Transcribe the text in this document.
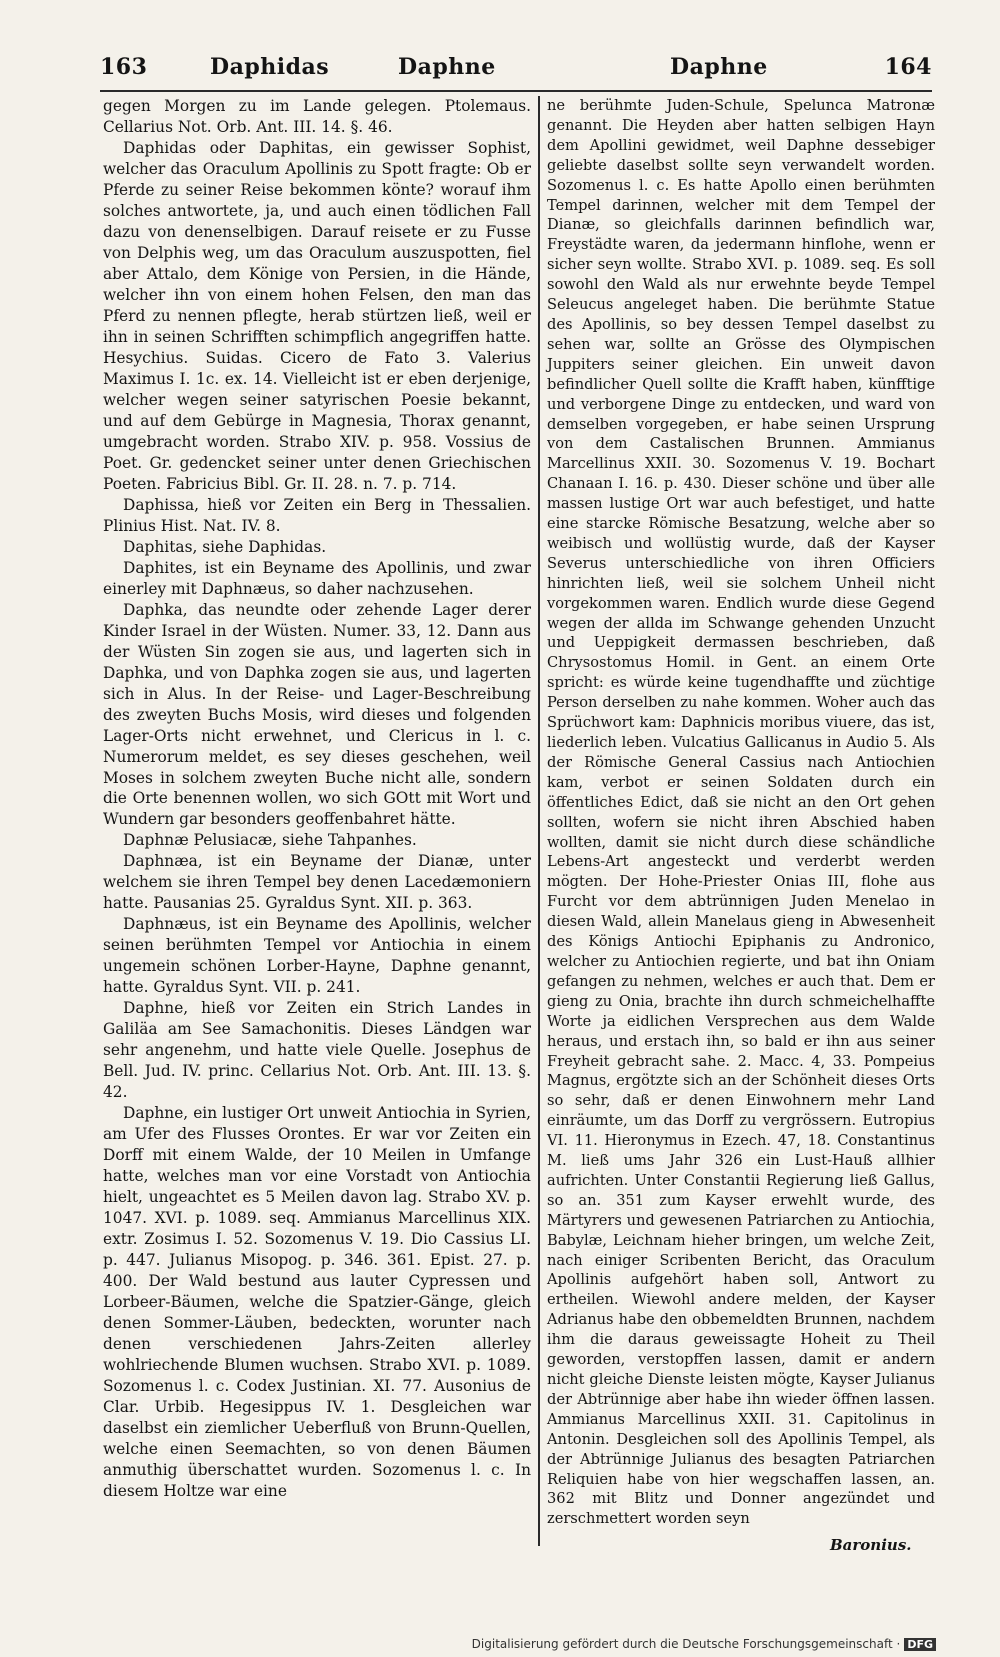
163	Daphidas	Daphne	Daphne	164

gegen Morgen zu im Lande gelegen. Ptolemaus. Cellarius Not. Orb. Ant. III. 14. §. 46.

Daphidas oder Daphitas, ein gewisser Sophist, welcher das Oraculum Apollinis zu Spott fragte: Ob er Pferde zu seiner Reise bekommen könte? worauf ihm solches antwortete, ja, und auch einen tödlichen Fall dazu von denenselbigen. Darauf reisete er zu Fusse von Delphis weg, um das Oraculum auszuspotten, fiel aber Attalo, dem Könige von Persien, in die Hände, welcher ihn von einem hohen Felsen, den man das Pferd zu nennen pflegte, herab stürtzen ließ, weil er ihn in seinen Schrifften schimpflich angegriffen hatte. Hesychius. Suidas. Cicero de Fato 3. Valerius Maximus I. 1c. ex. 14. Vielleicht ist er eben derjenige, welcher wegen seiner satyrischen Poesie bekannt, und auf dem Gebürge in Magnesia, Thorax genannt, umgebracht worden. Strabo XIV. p. 958. Vossius de Poet. Gr. gedencket seiner unter denen Griechischen Poeten. Fabricius Bibl. Gr. II. 28. n. 7. p. 714.

Daphissa, hieß vor Zeiten ein Berg in Thessalien. Plinius Hist. Nat. IV. 8.

Daphitas, siehe Daphidas.

Daphites, ist ein Beyname des Apollinis, und zwar einerley mit Daphnæus, so daher nachzusehen.

Daphka, das neundte oder zehende Lager derer Kinder Israel in der Wüsten. Numer. 33, 12. Dann aus der Wüsten Sin zogen sie aus, und lagerten sich in Daphka, und von Daphka zogen sie aus, und lagerten sich in Alus. In der Reise- und Lager-Beschreibung des zweyten Buchs Mosis, wird dieses und folgenden Lager-Orts nicht erwehnet, und Clericus in l. c. Numerorum meldet, es sey dieses geschehen, weil Moses in solchem zweyten Buche nicht alle, sondern die Orte benennen wollen, wo sich GOtt mit Wort und Wundern gar besonders geoffenbahret hätte.

Daphnæ Pelusiacæ, siehe Tahpanhes.

Daphnæa, ist ein Beyname der Dianæ, unter welchem sie ihren Tempel bey denen Lacedæmoniern hatte. Pausanias 25. Gyraldus Synt. XII. p. 363.

Daphnæus, ist ein Beyname des Apollinis, welcher seinen berühmten Tempel vor Antiochia in einem ungemein schönen Lorber-Hayne, Daphne genannt, hatte. Gyraldus Synt. VII. p. 241.

Daphne, hieß vor Zeiten ein Strich Landes in Galiläa am See Samachonitis. Dieses Ländgen war sehr angenehm, und hatte viele Quelle. Josephus de Bell. Jud. IV. princ. Cellarius Not. Orb. Ant. III. 13. §. 42.

Daphne, ein lustiger Ort unweit Antiochia in Syrien, am Ufer des Flusses Orontes. Er war vor Zeiten ein Dorff mit einem Walde, der 10 Meilen in Umfange hatte, welches man vor eine Vorstadt von Antiochia hielt, ungeachtet es 5 Meilen davon lag. Strabo XV. p. 1047. XVI. p. 1089. seq. Ammianus Marcellinus XIX. extr. Zosimus I. 52. Sozomenus V. 19. Dio Cassius LI. p. 447. Julianus Misopog. p. 346. 361. Epist. 27. p. 400. Der Wald bestund aus lauter Cypressen und Lorbeer-Bäumen, welche die Spatzier-Gänge, gleich denen Sommer-Läuben, bedeckten, worunter nach denen verschiedenen Jahrs-Zeiten allerley wohlriechende Blumen wuchsen. Strabo XVI. p. 1089. Sozomenus l. c. Codex Justinian. XI. 77. Ausonius de Clar. Urbib. Hegesippus IV. 1. Desgleichen war daselbst ein ziemlicher Ueberfluß von Brunn-Quellen, welche einen Seemachten, so von denen Bäumen anmuthig überschattet wurden. Sozomenus l. c. In diesem Holtze war eine

ne berühmte Juden-Schule, Spelunca Matronæ genannt. Die Heyden aber hatten selbigen Hayn dem Apollini gewidmet, weil Daphne dessebiger geliebte daselbst sollte seyn verwandelt worden. Sozomenus l. c. Es hatte Apollo einen berühmten Tempel darinnen, welcher mit dem Tempel der Dianæ, so gleichfalls darinnen befindlich war, Freystädte waren, da jedermann hinflohe, wenn er sicher seyn wollte. Strabo XVI. p. 1089. seq. Es soll sowohl den Wald als nur erwehnte beyde Tempel Seleucus angeleget haben. Die berühmte Statue des Apollinis, so bey dessen Tempel daselbst zu sehen war, sollte an Grösse des Olympischen Juppiters seiner gleichen. Ein unweit davon befindlicher Quell sollte die Krafft haben, künfftige und verborgene Dinge zu entdecken, und ward von demselben vorgegeben, er habe seinen Ursprung von dem Castalischen Brunnen. Ammianus Marcellinus XXII. 30. Sozomenus V. 19. Bochart Chanaan I. 16. p. 430. Dieser schöne und über alle massen lustige Ort war auch befestiget, und hatte eine starcke Römische Besatzung, welche aber so weibisch und wollüstig wurde, daß der Kayser Severus unterschiedliche von ihren Officiers hinrichten ließ, weil sie solchem Unheil nicht vorgekommen waren. Endlich wurde diese Gegend wegen der allda im Schwange gehenden Unzucht und Ueppigkeit dermassen beschrieben, daß Chrysostomus Homil. in Gent. an einem Orte spricht: es würde keine tugendhaffte und züchtige Person derselben zu nahe kommen. Woher auch das Sprüchwort kam: Daphnicis moribus viuere, das ist, liederlich leben. Vulcatius Gallicanus in Audio 5. Als der Römische General Cassius nach Antiochien kam, verbot er seinen Soldaten durch ein öffentliches Edict, daß sie nicht an den Ort gehen sollten, wofern sie nicht ihren Abschied haben wollten, damit sie nicht durch diese schändliche Lebens-Art angesteckt und verderbt werden mögten. Der Hohe-Priester Onias III, flohe aus Furcht vor dem abtrünnigen Juden Menelao in diesen Wald, allein Manelaus gieng in Abwesenheit des Königs Antiochi Epiphanis zu Andronico, welcher zu Antiochien regierte, und bat ihn Oniam gefangen zu nehmen, welches er auch that. Dem er gieng zu Onia, brachte ihn durch schmeichelhaffte Worte ja eidlichen Versprechen aus dem Walde heraus, und erstach ihn, so bald er ihn aus seiner Freyheit gebracht sahe. 2. Macc. 4, 33. Pompeius Magnus, ergötzte sich an der Schönheit dieses Orts so sehr, daß er denen Einwohnern mehr Land einräumte, um das Dorff zu vergrössern. Eutropius VI. 11. Hieronymus in Ezech. 47, 18. Constantinus M. ließ ums Jahr 326 ein Lust-Hauß allhier aufrichten. Unter Constantii Regierung ließ Gallus, so an. 351 zum Kayser erwehlt wurde, des Märtyrers und gewesenen Patriarchen zu Antiochia, Babylæ, Leichnam hieher bringen, um welche Zeit, nach einiger Scribenten Bericht, das Oraculum Apollinis aufgehört haben soll, Antwort zu ertheilen. Wiewohl andere melden, der Kayser Adrianus habe den obbemeldten Brunnen, nachdem ihm die daraus geweissagte Hoheit zu Theil geworden, verstopffen lassen, damit er andern nicht gleiche Dienste leisten mögte, Kayser Julianus der Abtrünnige aber habe ihn wieder öffnen lassen. Ammianus Marcellinus XXII. 31. Capitolinus in Antonin. Desgleichen soll des Apollinis Tempel, als der Abtrünnige Julianus des besagten Patriarchen Reliquien habe von hier wegschaffen lassen, an. 362 mit Blitz und Donner angezündet und zerschmettert worden seyn

Baronius.
Digitalisierung gefördert durch die Deutsche Forschungsgemeinschaft · DFG
